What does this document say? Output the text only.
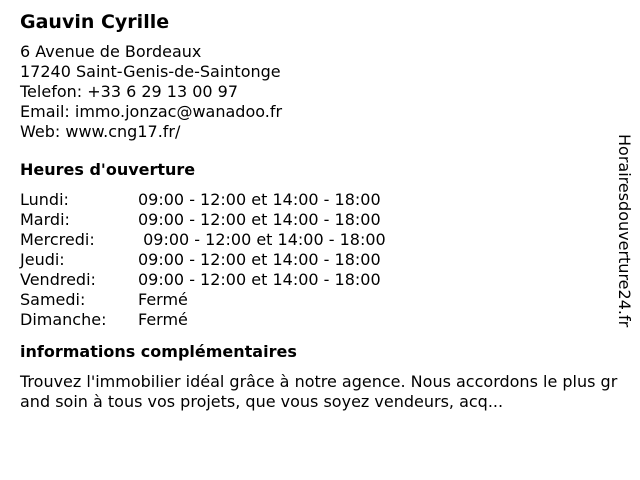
Gauvin Cyrille
6 Avenue de Bordeaux
17240 Saint-Genis-de-Saintonge
Telefon: +33 6 29 13 00 97
Email: immo.jonzac@wanadoo.fr
Web: www.cng17.fr/
Heures d'ouverture
Lundi:	09:00 - 12:00 et 14:00 - 18:00
Mardi:	09:00 - 12:00 et 14:00 - 18:00
Mercredi:	09:00 - 12:00 et 14:00 - 18:00
Jeudi:	09:00 - 12:00 et 14:00 - 18:00
Vendredi:	09:00 - 12:00 et 14:00 - 18:00
Samedi:	Fermé
Dimanche:	Fermé
informations complémentaires
Trouvez l'immobilier idéal grâce à notre agence. Nous accordons le plus grand soin à tous vos projets, que vous soyez vendeurs, acq...
Horairesdouverture24.fr
